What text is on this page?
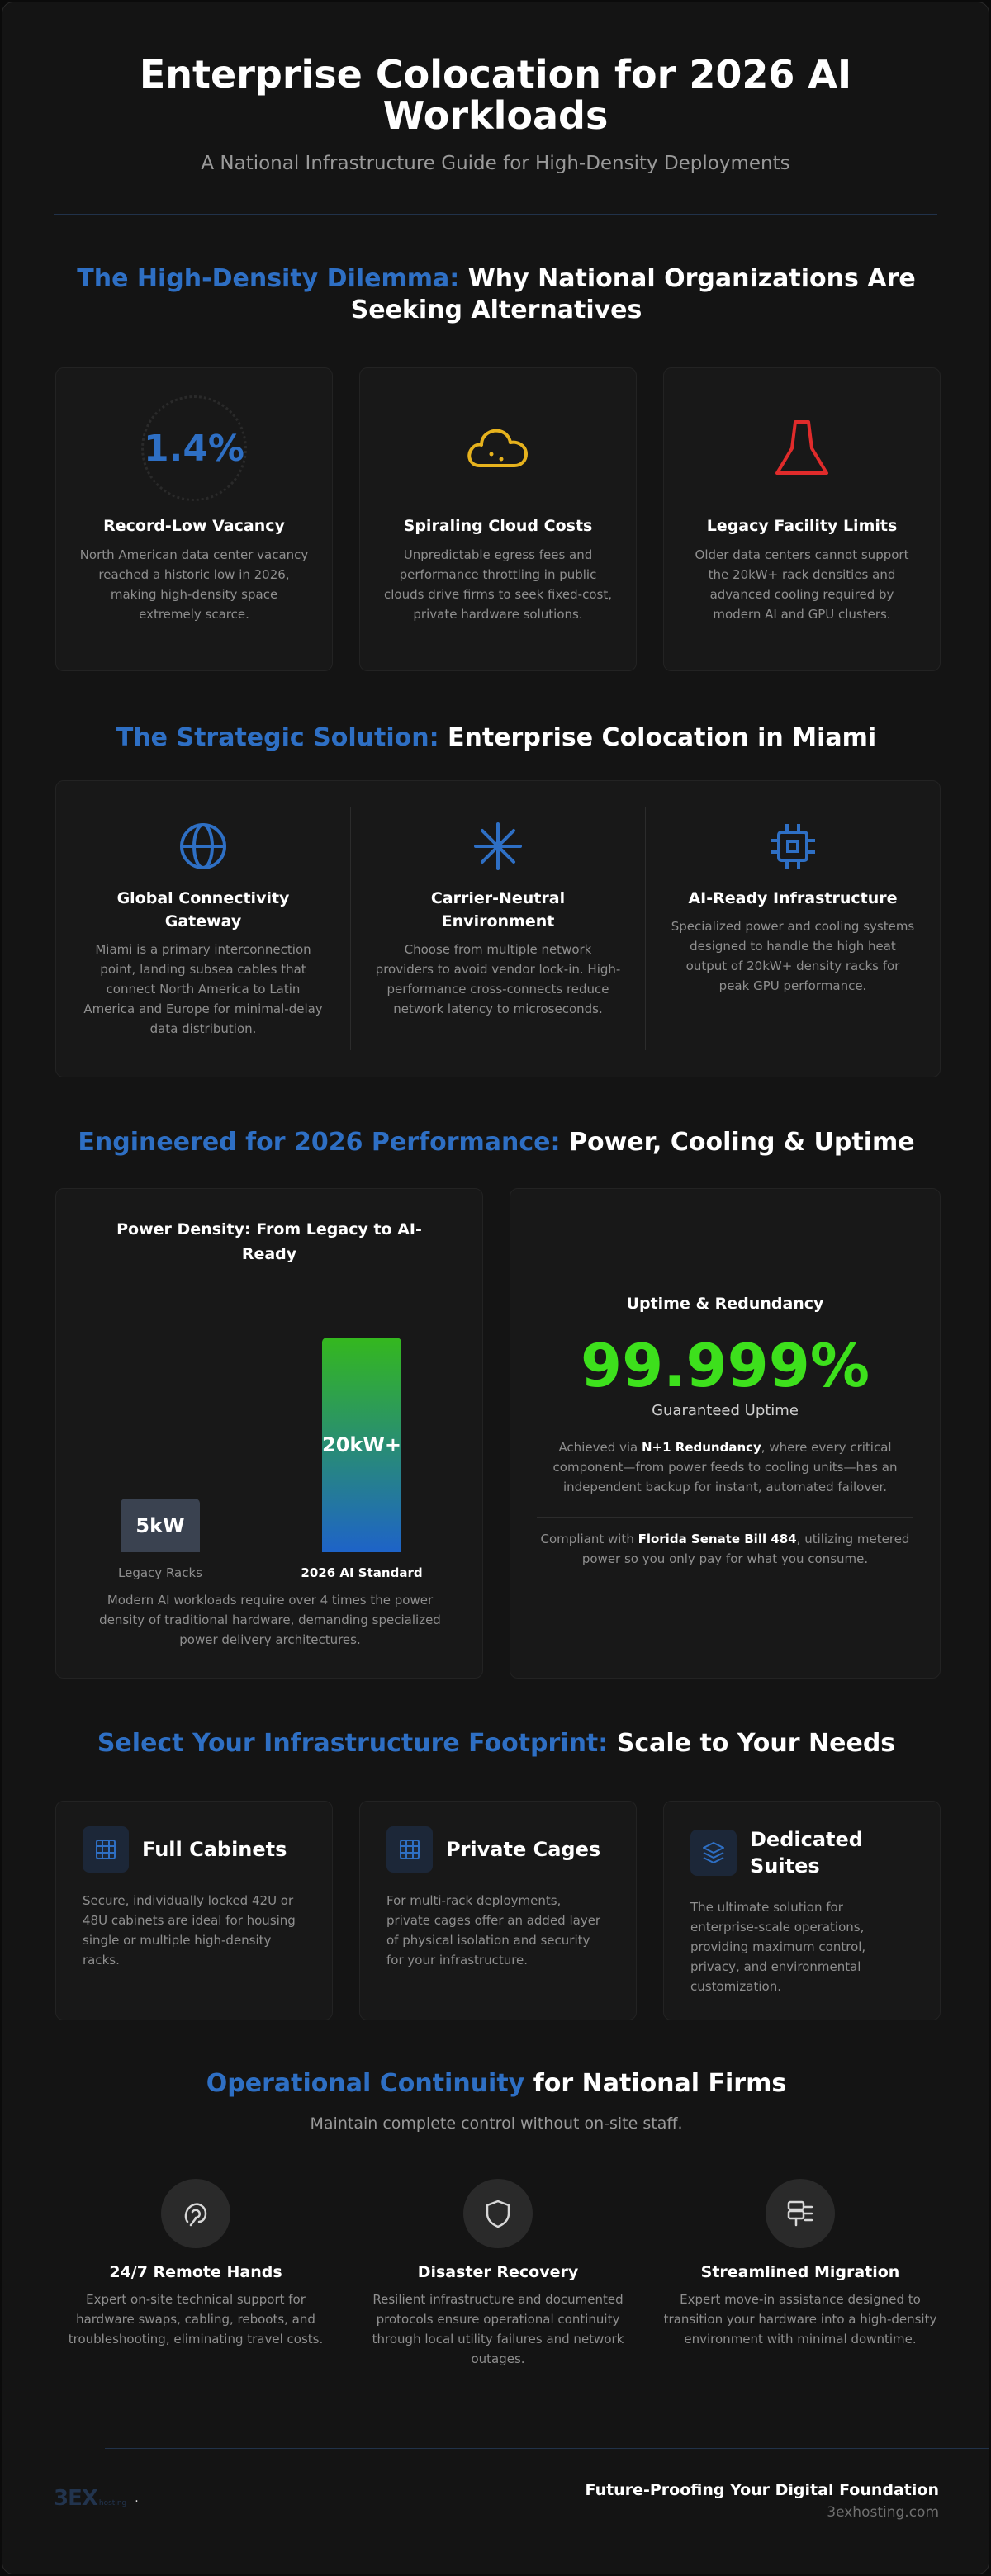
Enterprise Colocation for 2026 AI Workloads
A National Infrastructure Guide for High-Density Deployments
The High-Density Dilemma: Why National Organizations Are Seeking Alternatives
1.4%
Record-Low Vacancy
North American data center vacancy reached a historic low in 2026, making high-density space extremely scarce.
Spiraling Cloud Costs
Unpredictable egress fees and performance throttling in public clouds drive firms to seek fixed-cost, private hardware solutions.
Legacy Facility Limits
Older data centers cannot support the 20kW+ rack densities and advanced cooling required by modern AI and GPU clusters.
The Strategic Solution: Enterprise Colocation in Miami
Global Connectivity Gateway
Miami is a primary interconnection point, landing subsea cables that connect North America to Latin America and Europe for minimal-delay data distribution.
Carrier-Neutral Environment
Choose from multiple network providers to avoid vendor lock-in. High-performance cross-connects reduce network latency to microseconds.
AI-Ready Infrastructure
Specialized power and cooling systems designed to handle the high heat output of 20kW+ density racks for peak GPU performance.
Engineered for 2026 Performance: Power, Cooling & Uptime
Power Density: From Legacy to AI-Ready
5kW
Legacy Racks
20kW+
2026 AI Standard
Modern AI workloads require over 4 times the power density of traditional hardware, demanding specialized power delivery architectures.
Uptime & Redundancy
99.999%
Guaranteed Uptime
Achieved via N+1 Redundancy, where every critical component—from power feeds to cooling units—has an independent backup for instant, automated failover.
Compliant with Florida Senate Bill 484, utilizing metered power so you only pay for what you consume.
Select Your Infrastructure Footprint: Scale to Your Needs
Full Cabinets
Secure, individually locked 42U or 48U cabinets are ideal for housing single or multiple high-density racks.
Private Cages
For multi-rack deployments, private cages offer an added layer of physical isolation and security for your infrastructure.
Dedicated Suites
The ultimate solution for enterprise-scale operations, providing maximum control, privacy, and environmental customization.
Operational Continuity for National Firms
Maintain complete control without on-site staff.
24/7 Remote Hands
Expert on-site technical support for hardware swaps, cabling, reboots, and troubleshooting, eliminating travel costs.
Disaster Recovery
Resilient infrastructure and documented protocols ensure operational continuity through local utility failures and network outages.
Streamlined Migration
Expert move-in assistance designed to transition your hardware into a high-density environment with minimal downtime.
3EX hosting .	Future-Proofing Your Digital Foundation
3exhosting.com
